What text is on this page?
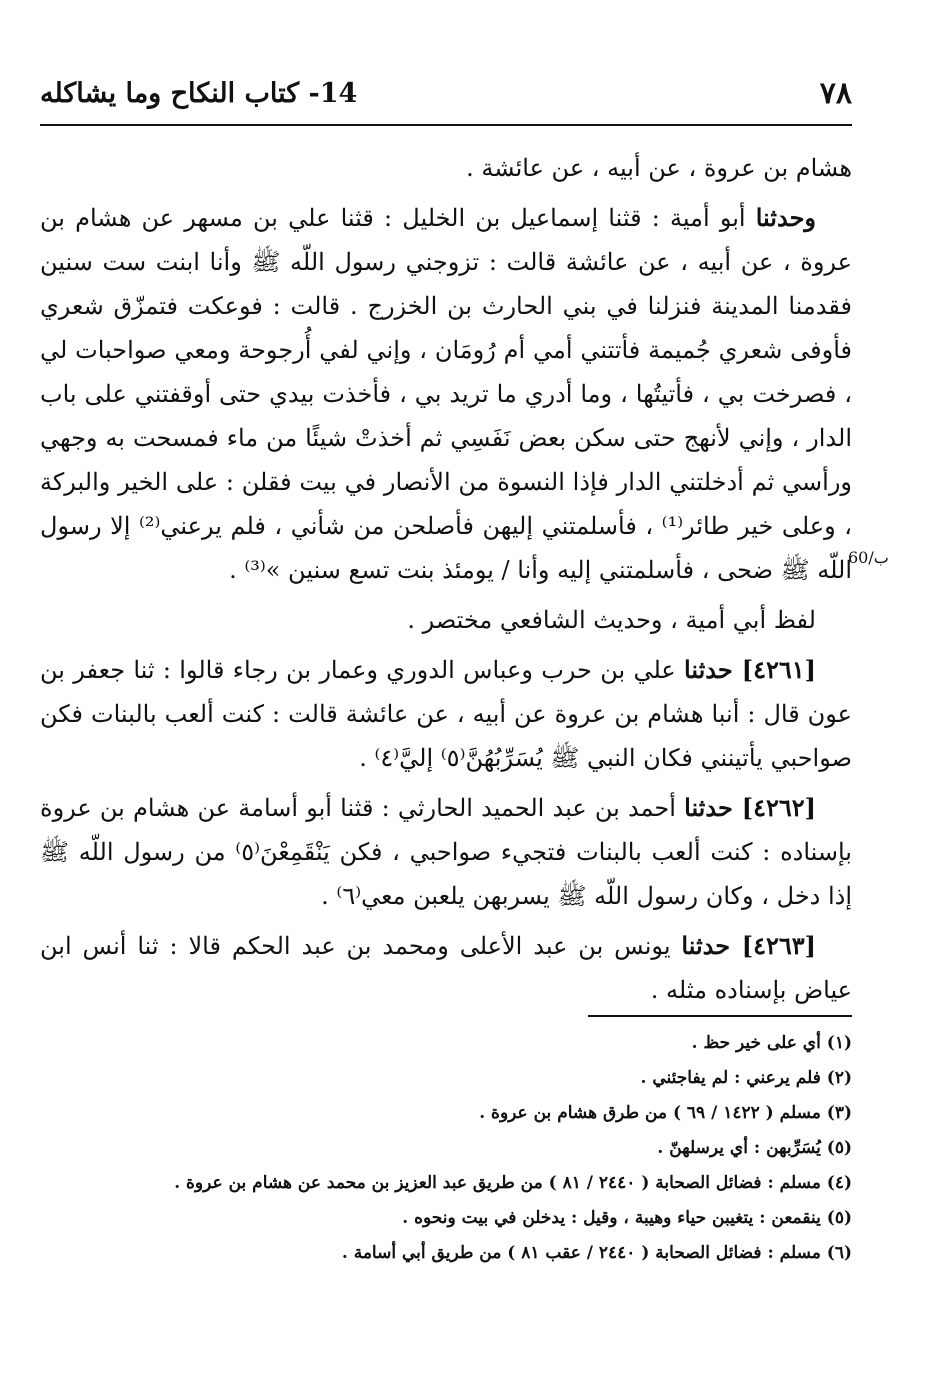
٧٨
14- كتاب النكاح وما يشاكله
60/ب

هشام بن عروة ، عن أبيه ، عن عائشة .

وحدثنا أبو أمية : قثنا إسماعيل بن الخليل : قثنا علي بن مسهر عن هشام بن عروة ، عن أبيه ، عن عائشة قالت : تزوجني رسول اللّه ﷺ وأنا ابنت ست سنين فقدمنا المدينة فنزلنا في بني الحارث بن الخزرج . قالت : فوعكت فتمزّق شعري فأوفى شعري جُميمة فأتتني أمي أم رُومَان ، وإني لفي أُرجوحة ومعي صواحبات لي ، فصرخت بي ، فأتيتُها ، وما أدري ما تريد بي ، فأخذت بيدي حتى أوقفتني على باب الدار ، وإني لأنهج حتى سكن بعض نَفَسِي ثم أخذتْ شيئًا من ماء فمسحت به وجهي ورأسي ثم أدخلتني الدار فإذا النسوة من الأنصار في بيت فقلن : على الخير والبركة ، وعلى خير طائر⁽¹⁾ ، فأسلمتني إليهن فأصلحن من شأني ، فلم يرعني⁽²⁾ إلا رسول اللّه ﷺ ضحى ، فأسلمتني إليه وأنا / يومئذ بنت تسع سنين »⁽³⁾ .

لفظ أبي أمية ، وحديث الشافعي مختصر .

[٤٢٦١] حدثنا علي بن حرب وعباس الدوري وعمار بن رجاء قالوا : ثنا جعفر بن عون قال : أنبا هشام بن عروة عن أبيه ، عن عائشة قالت : كنت ألعب بالبنات فكن صواحبي يأتينني فكان النبي ﷺ يُسَرِّبُهُنَّ⁽٥⁾ إليَّ⁽٤⁾ .

[٤٢٦٢] حدثنا أحمد بن عبد الحميد الحارثي : قثنا أبو أسامة عن هشام بن عروة بإسناده : كنت ألعب بالبنات فتجيء صواحبي ، فكن يَنْقَمِعْنَ⁽٥⁾ من رسول اللّه ﷺ إذا دخل ، وكان رسول اللّه ﷺ يسربهن يلعبن معي⁽٦⁾ .

[٤٢٦٣] حدثنا يونس بن عبد الأعلى ومحمد بن عبد الحكم قالا : ثنا أنس ابن عياض بإسناده مثله .

(١) أي على خير حظ .
(٢) فلم يرعني : لم يفاجئني .
(٣) مسلم ( ١٤٢٢ / ٦٩ ) من طرق هشام بن عروة .
(٥) يُسَرِّبهن : أي يرسلهنّ .
(٤) مسلم : فضائل الصحابة ( ٢٤٤٠ / ٨١ ) من طريق عبد العزيز بن محمد عن هشام بن عروة .
(٥) ينقمعن : يتغيبن حياء وهيبة ، وقيل : يدخلن في بيت ونحوه .
(٦) مسلم : فضائل الصحابة ( ٢٤٤٠ / عقب ٨١ ) من طريق أبي أسامة .
